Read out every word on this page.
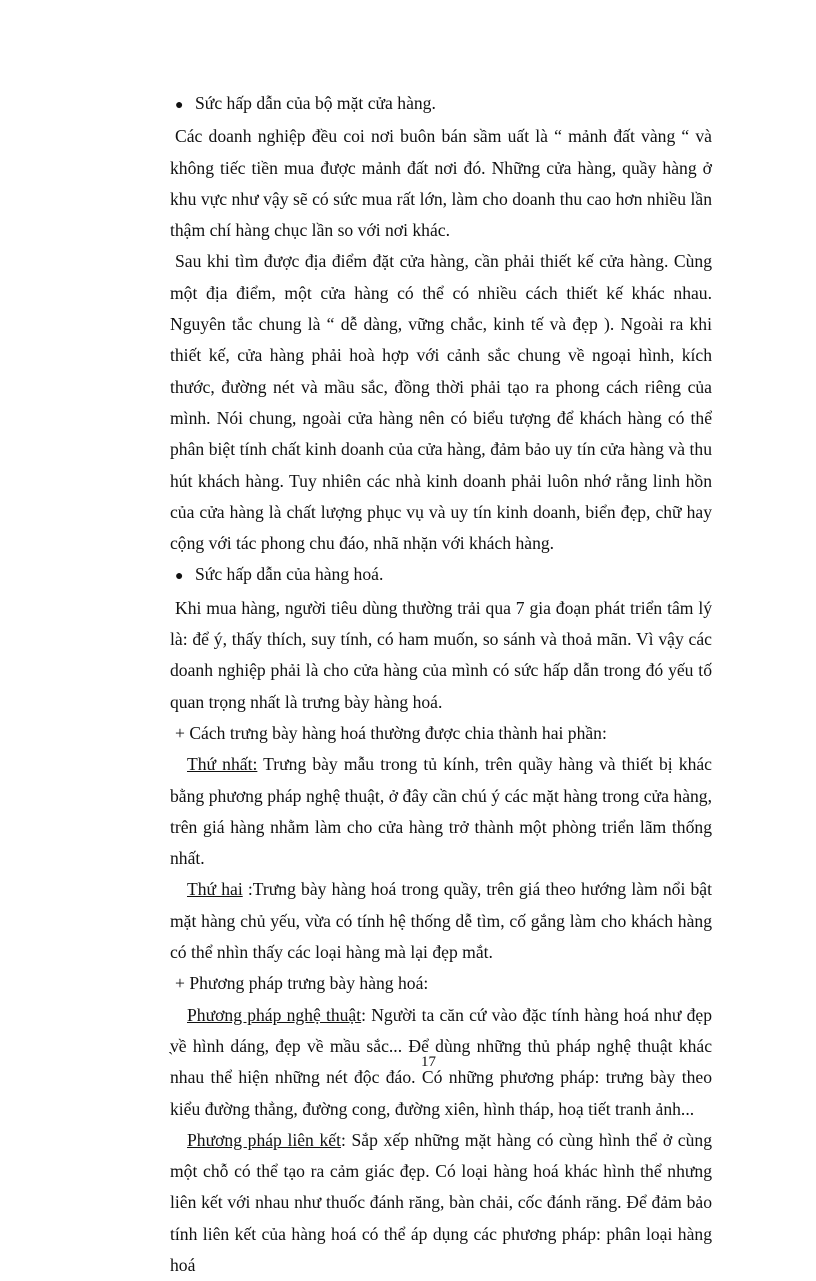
● Sức hấp dẫn của bộ mặt cửa hàng.

Các doanh nghiệp đều coi nơi buôn bán sầm uất là “ mảnh đất vàng “ và không tiếc tiền mua được mảnh đất nơi đó. Những cửa hàng, quầy hàng ở khu vực như vậy sẽ có sức mua rất lớn, làm cho doanh thu cao hơn nhiều lần thậm chí hàng chục lần so với nơi khác.

Sau khi tìm được địa điểm đặt cửa hàng, cần phải thiết kế cửa hàng. Cùng một địa điểm, một cửa hàng có thể có nhiều cách thiết kế khác nhau. Nguyên tắc chung là “ dễ dàng, vững chắc, kinh tế và đẹp ). Ngoài ra khi thiết kế, cửa hàng phải hoà hợp với cảnh sắc chung về ngoại hình, kích thước, đường nét và mầu sắc, đồng thời phải tạo ra phong cách riêng của mình. Nói chung, ngoài cửa hàng nên có biểu tượng để khách hàng có thể phân biệt tính chất kinh doanh của cửa hàng, đảm bảo uy tín cửa hàng và thu hút khách hàng. Tuy nhiên các nhà kinh doanh phải luôn nhớ rằng linh hồn của cửa hàng là chất lượng phục vụ và uy tín kinh doanh, biển đẹp, chữ hay cộng với tác phong chu đáo, nhã nhặn với khách hàng.

● Sức hấp dẫn của hàng hoá.

Khi mua hàng, người tiêu dùng thường trải qua 7 gia đoạn phát triển tâm lý là: để ý, thấy thích, suy tính, có ham muốn, so sánh và thoả mãn. Vì vậy các doanh nghiệp phải là cho cửa hàng của mình có sức hấp dẫn trong đó yếu tố quan trọng nhất là trưng bày hàng hoá.

+ Cách trưng bày hàng hoá thường được chia thành hai phần:

Thứ nhất: Trưng bày mẫu trong tủ kính, trên quầy hàng và thiết bị khác bằng phương pháp nghệ thuật, ở đây cần chú ý các mặt hàng trong cửa hàng, trên giá hàng nhằm làm cho cửa hàng trở thành một phòng triển lãm thống nhất.

Thứ hai :Trưng bày hàng hoá trong quầy, trên giá theo hướng làm nổi bật mặt hàng chủ yếu, vừa có tính hệ thống dễ tìm, cố gắng làm cho khách hàng có thể nhìn thấy các loại hàng mà lại đẹp mắt.

+ Phương pháp trưng bày hàng hoá:

Phương pháp nghệ thuật: Người ta căn cứ vào đặc tính hàng hoá như đẹp về hình dáng, đẹp về mầu sắc... Để dùng những thủ pháp nghệ thuật khác nhau thể hiện những nét độc đáo. Có những phương pháp: trưng bày theo kiểu đường thẳng, đường cong, đường xiên, hình tháp, hoạ tiết tranh ảnh...

Phương pháp liên kết: Sắp xếp những mặt hàng có cùng hình thể ở cùng một chỗ có thể tạo ra cảm giác đẹp. Có loại hàng hoá khác hình thể nhưng liên kết với nhau như thuốc đánh răng, bàn chải, cốc đánh răng. Để đảm bảo tính liên kết của hàng hoá có thể áp dụng các phương pháp: phân loại hàng hoá

`	17
